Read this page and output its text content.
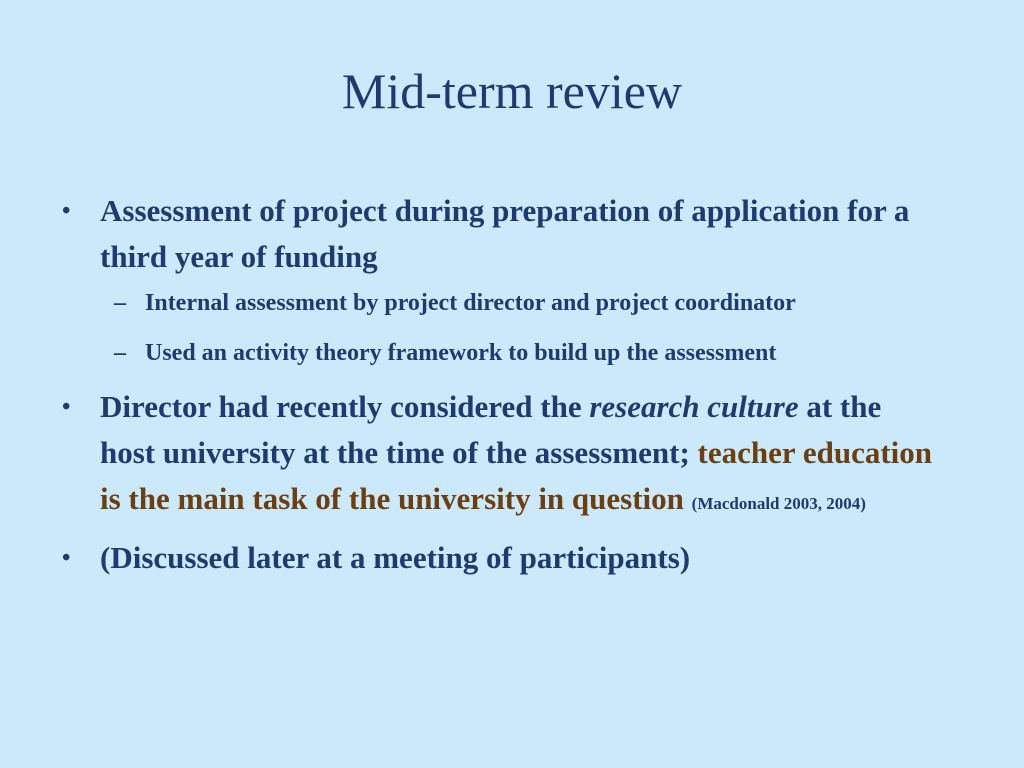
Mid-term review
• Assessment of project during preparation of application for a third year of funding
– Internal assessment by project director and project coordinator
– Used an activity theory framework to build up the assessment
• Director had recently considered the research culture at the host university at the time of the assessment; teacher education is the main task of the university in question (Macdonald 2003, 2004)
• (Discussed later at a meeting of participants)
